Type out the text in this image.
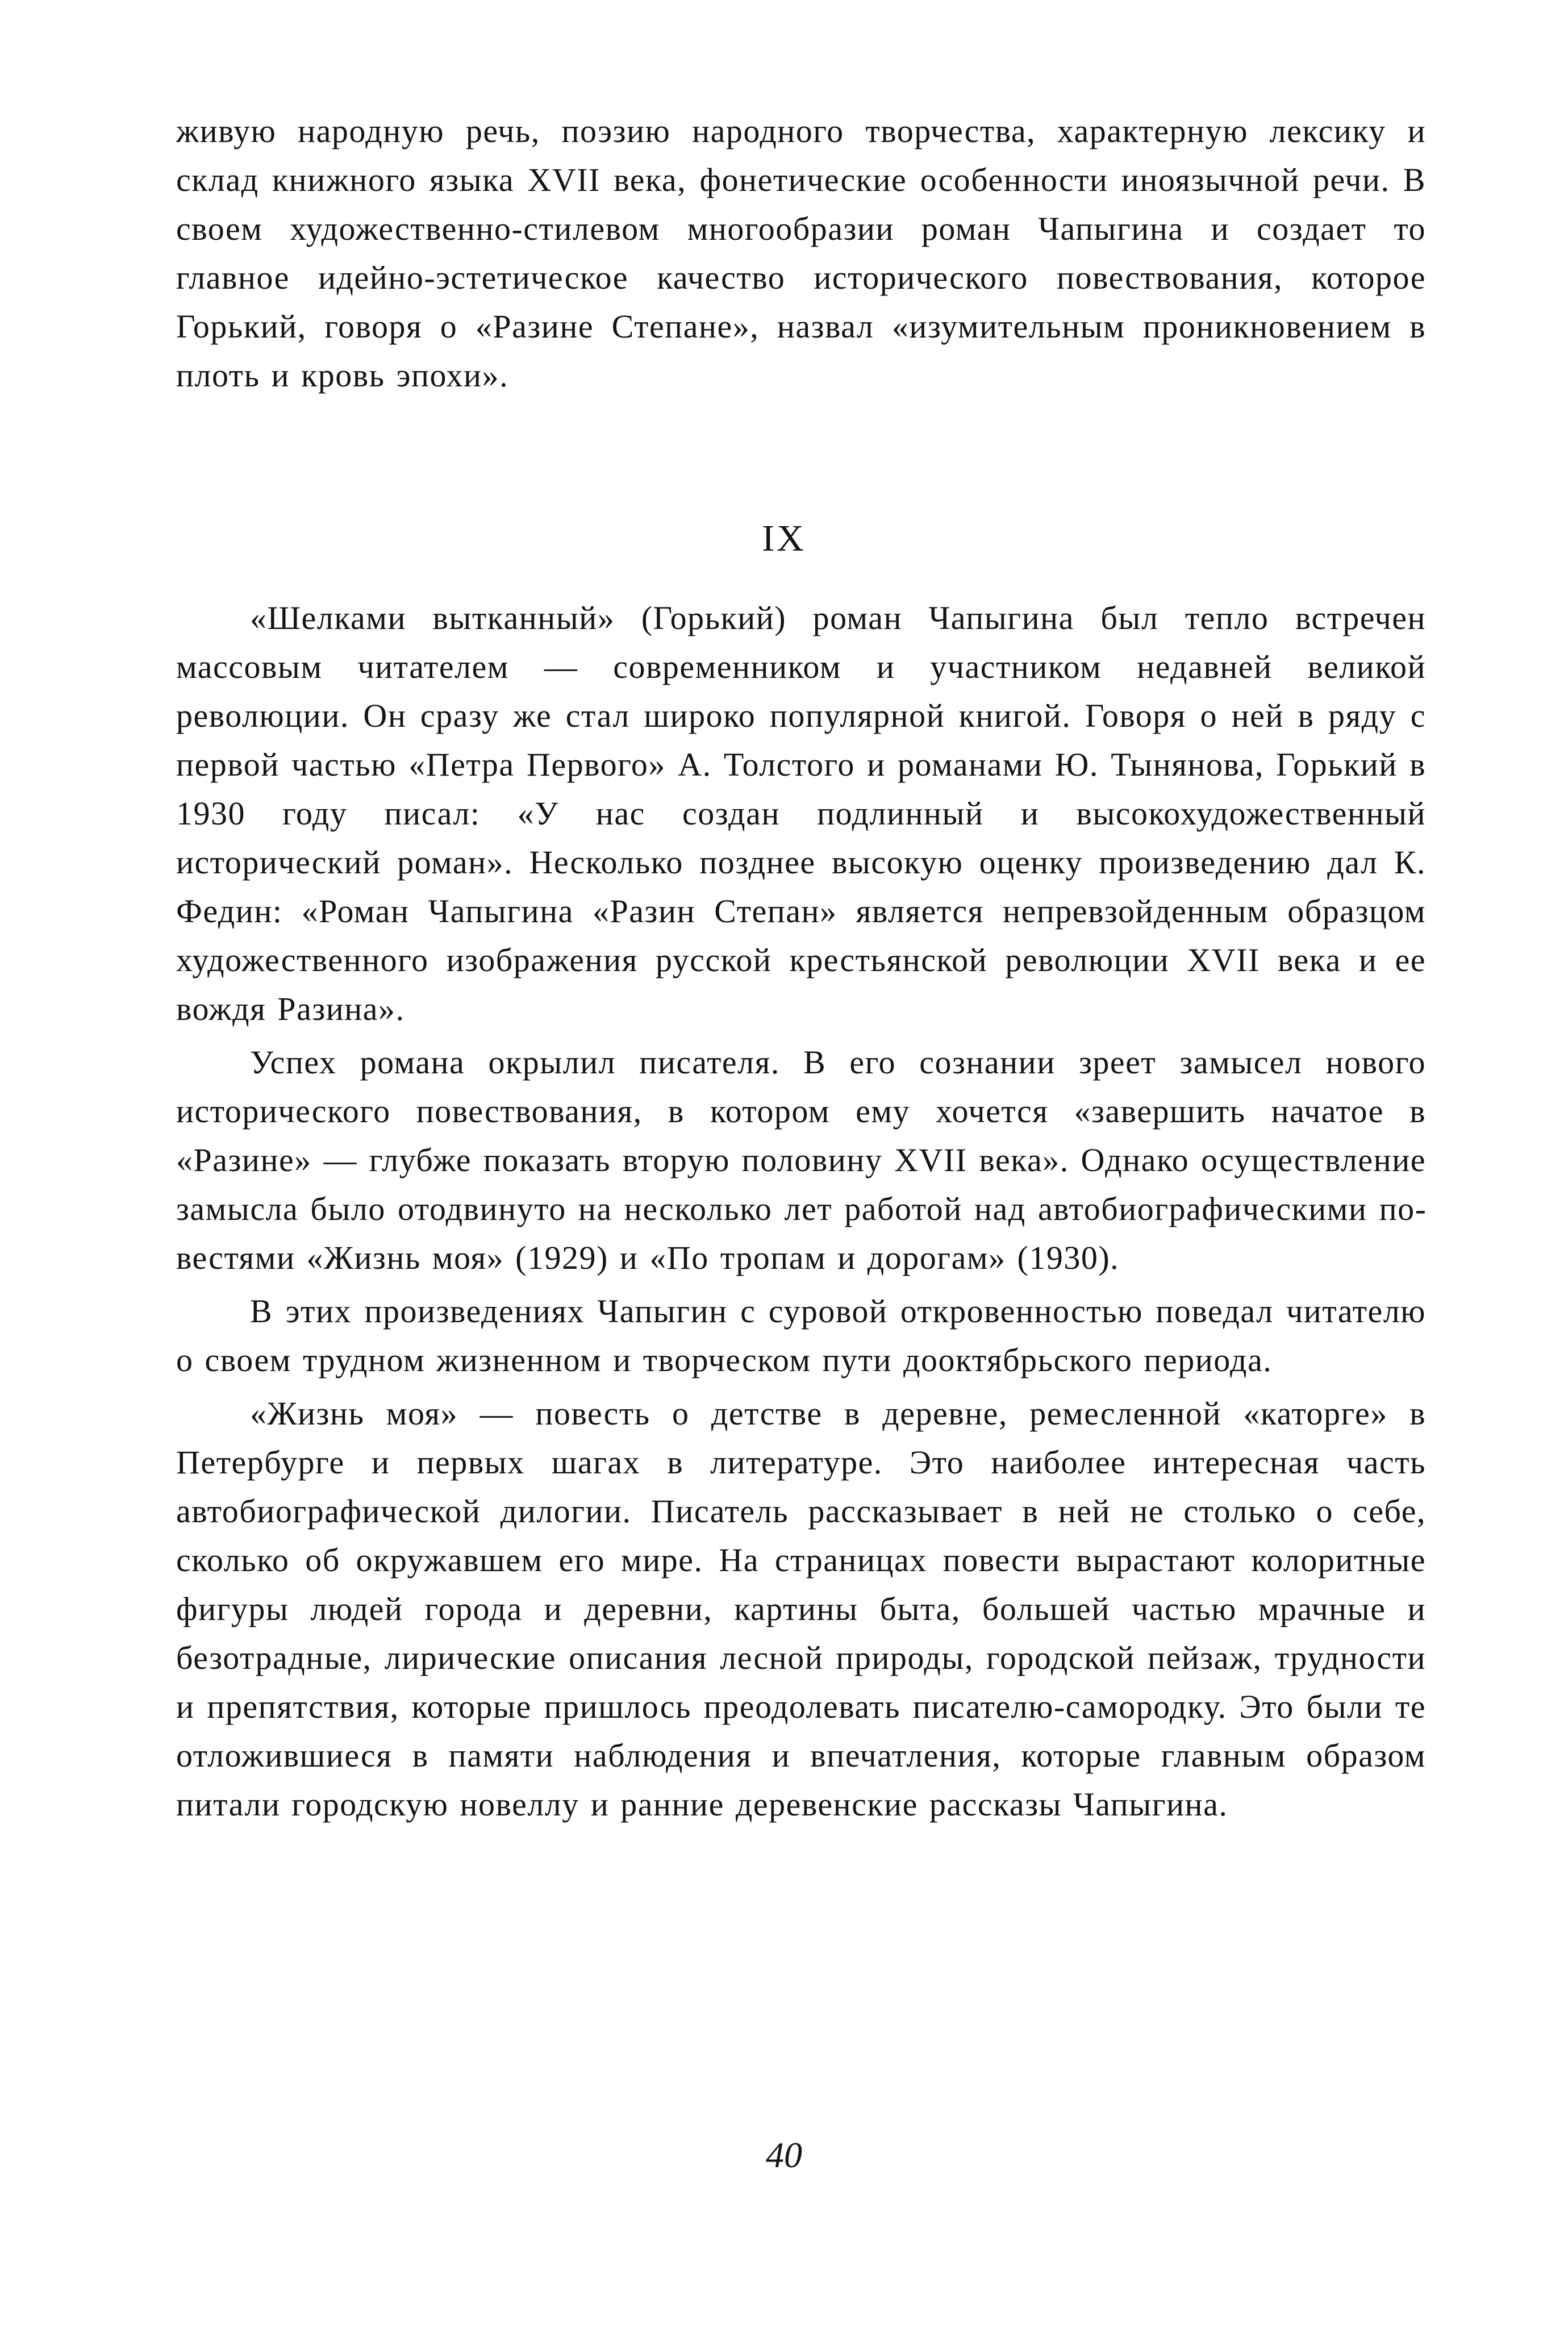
живую народную речь, поэзию народного творчества, характерную лексику и склад книжного языка XVII века, фонетические особенности иноязычной речи. В своем художественно-стилевом многообразии роман Чапыгина и создает то главное идейно-эстетическое качество исторического повествования, которое Горький, говоря о «Разине Степане», назвал «изумительным проникновением в плоть и кровь эпохи».

IX

«Шелками вытканный» (Горький) роман Чапыгина был тепло встречен массовым читателем — современником и участником недавней великой революции. Он сразу же стал широко популярной книгой. Говоря о ней в ряду с первой частью «Петра Первого» А. Толстого и романами Ю. Тынянова, Горький в 1930 году писал: «У нас создан подлинный и высокохудожественный исторический роман». Несколько позднее высокую оценку произведению дал К. Федин: «Роман Чапыгина «Разин Степан» является непревзойденным образцом художественного изображения русской крестьянской революции XVII века и ее вождя Разина».

Успех романа окрылил писателя. В его сознании зреет замысел нового исторического повествования, в котором ему хочется «завершить начатое в «Разине» — глубже показать вторую половину XVII века». Однако осуществление замысла было отодвинуто на несколько лет работой над автобиографическими повестями «Жизнь моя» (1929) и «По тропам и дорогам» (1930).

В этих произведениях Чапыгин с суровой откровенностью поведал читателю о своем трудном жизненном и творческом пути дооктябрьского периода.

«Жизнь моя» — повесть о детстве в деревне, ремесленной «каторге» в Петербурге и первых шагах в литературе. Это наиболее интересная часть автобиографической дилогии. Писатель рассказывает в ней не столько о себе, сколько об окружавшем его мире. На страницах повести вырастают колоритные фигуры людей города и деревни, картины быта, большей частью мрачные и безотрадные, лирические описания лесной природы, городской пейзаж, трудности и препятствия, которые пришлось преодолевать писателю-самородку. Это были те отложившиеся в памяти наблюдения и впечатления, которые главным образом питали городскую новеллу и ранние деревенские рассказы Чапыгина.

40
